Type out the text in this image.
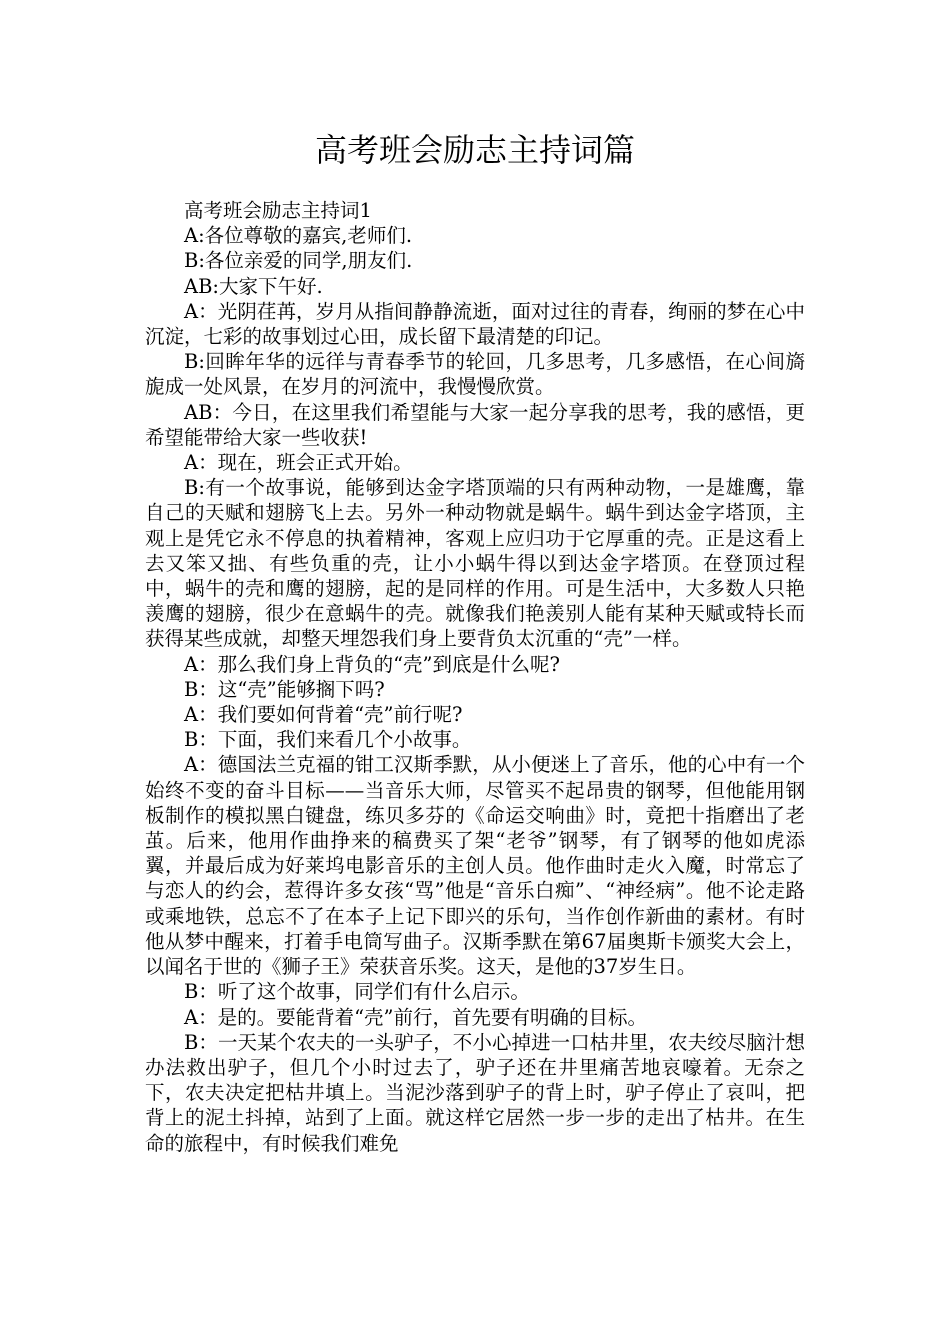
高考班会励志主持词篇

高考班会励志主持词1

A:各位尊敬的嘉宾,老师们.

B:各位亲爱的同学,朋友们.

AB:大家下午好.

A：光阴荏苒，岁月从指间静静流逝，面对过往的青春，绚丽的梦在心中沉淀，七彩的故事划过心田，成长留下最清楚的印记。

B:回眸年华的远徉与青春季节的轮回，几多思考，几多感悟，在心间旖旎成一处风景，在岁月的河流中，我慢慢欣赏。

AB：今日，在这里我们希望能与大家一起分享我的思考，我的感悟，更希望能带给大家一些收获!

A：现在，班会正式开始。

B:有一个故事说，能够到达金字塔顶端的只有两种动物，一是雄鹰，靠自己的天赋和翅膀飞上去。另外一种动物就是蜗牛。蜗牛到达金字塔顶，主观上是凭它永不停息的执着精神，客观上应归功于它厚重的壳。正是这看上去又笨又拙、有些负重的壳，让小小蜗牛得以到达金字塔顶。在登顶过程中，蜗牛的壳和鹰的翅膀，起的是同样的作用。可是生活中，大多数人只艳羡鹰的翅膀，很少在意蜗牛的壳。就像我们艳羡别人能有某种天赋或特长而获得某些成就，却整天埋怨我们身上要背负太沉重的“壳”一样。

A：那么我们身上背负的“壳”到底是什么呢?

B：这“壳”能够搁下吗?

A：我们要如何背着“壳”前行呢?

B：下面，我们来看几个小故事。

A：德国法兰克福的钳工汉斯季默，从小便迷上了音乐，他的心中有一个始终不变的奋斗目标——当音乐大师，尽管买不起昂贵的钢琴，但他能用钢板制作的模拟黑白键盘，练贝多芬的《命运交响曲》时，竟把十指磨出了老茧。后来，他用作曲挣来的稿费买了架“老爷”钢琴，有了钢琴的他如虎添翼，并最后成为好莱坞电影音乐的主创人员。他作曲时走火入魔，时常忘了与恋人的约会，惹得许多女孩“骂”他是“音乐白痴”、“神经病”。他不论走路或乘地铁，总忘不了在本子上记下即兴的乐句，当作创作新曲的素材。有时他从梦中醒来，打着手电筒写曲子。汉斯季默在第67届奥斯卡颁奖大会上，以闻名于世的《狮子王》荣获音乐奖。这天，是他的37岁生日。

B：听了这个故事，同学们有什么启示。

A：是的。要能背着“壳”前行，首先要有明确的目标。

B：一天某个农夫的一头驴子，不小心掉进一口枯井里，农夫绞尽脑汁想办法救出驴子，但几个小时过去了，驴子还在井里痛苦地哀嚎着。无奈之下，农夫决定把枯井填上。当泥沙落到驴子的背上时，驴子停止了哀叫，把背上的泥土抖掉，站到了上面。就这样它居然一步一步的走出了枯井。在生命的旅程中，有时候我们难免
